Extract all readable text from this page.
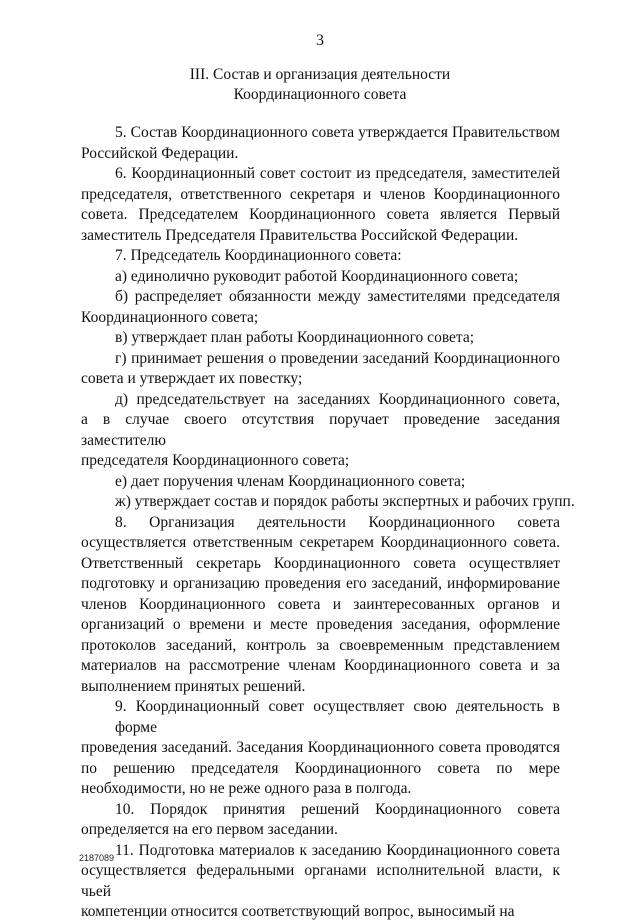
3
III. Состав и организация деятельности
Координационного совета

5. Состав Координационного совета утверждается Правительством
Российской Федерации.

6. Координационный совет состоит из председателя, заместителей
председателя, ответственного секретаря и членов Координационного
совета. Председателем Координационного совета является Первый
заместитель Председателя Правительства Российской Федерации.

7. Председатель Координационного совета:

а) единолично руководит работой Координационного совета;

б) распределяет обязанности между заместителями председателя
Координационного совета;

в) утверждает план работы Координационного совета;

г) принимает решения о проведении заседаний Координационного
совета и утверждает их повестку;

д) председательствует на заседаниях Координационного совета,
а в случае своего отсутствия поручает проведение заседания заместителю
председателя Координационного совета;

е) дает поручения членам Координационного совета;

ж) утверждает состав и порядок работы экспертных и рабочих групп.

8. Организация деятельности Координационного совета
осуществляется ответственным секретарем Координационного совета.
Ответственный секретарь Координационного совета осуществляет
подготовку и организацию проведения его заседаний, информирование
членов Координационного совета и заинтересованных органов и
организаций о времени и месте проведения заседания, оформление
протоколов заседаний, контроль за своевременным представлением
материалов на рассмотрение членам Координационного совета и за
выполнением принятых решений.

9. Координационный совет осуществляет свою деятельность в форме
проведения заседаний. Заседания Координационного совета проводятся
по решению председателя Координационного совета по мере
необходимости, но не реже одного раза в полгода.

10. Порядок принятия решений Координационного совета
определяется на его первом заседании.

11. Подготовка материалов к заседанию Координационного совета
осуществляется федеральными органами исполнительной власти, к чьей
компетенции относится соответствующий вопрос, выносимый на

2187089
